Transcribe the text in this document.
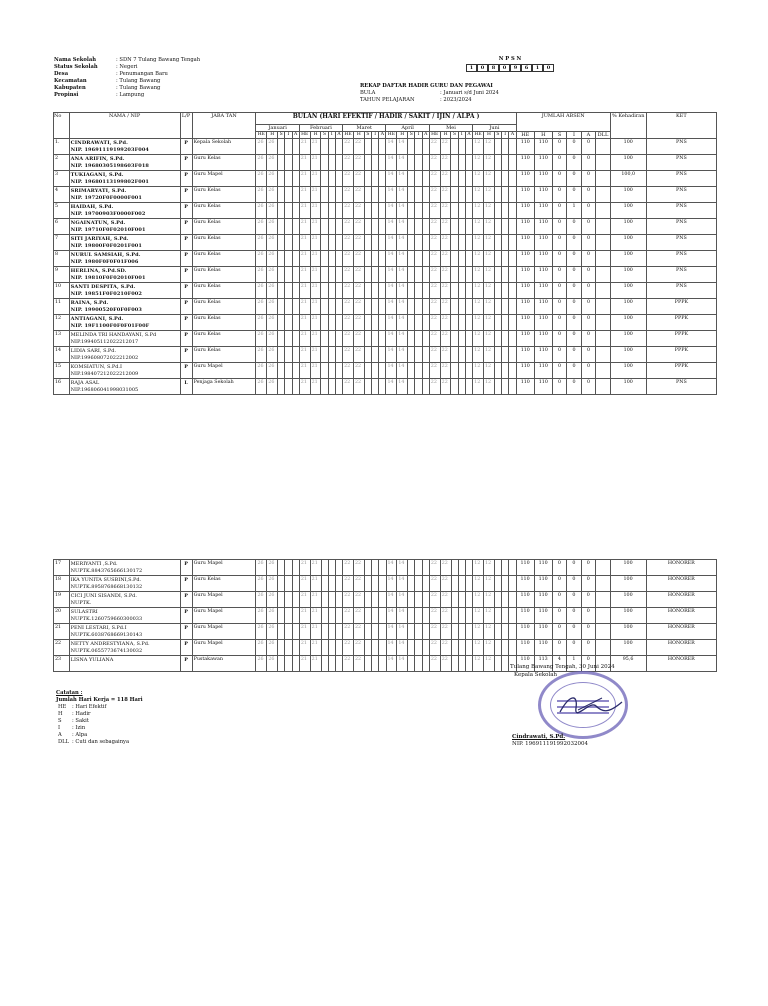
Nama Sekolah	: SDN 7 Tulang Bawang Tengah
Status Sekolah	: Negeri
Desa	: Penumangan Baru
Kecamatan	: Tulang Bawang
Kabupaten	: Tulang Bawang
Propinsi	: Lampung
N P S N
1	0	8	0	9	6	1	0
REKAP DAFTAR HADIR GURU DAN PEGAWAI
BULA	: Januari s/d Juni 2024
TAHUN PELAJARAN	: 2023/2024
No	NAMA / NIP	L/P	JABA TAN	BULAN (HARI EFEKTIF / HADIR / SAKIT / IJIN / ALPA )																														JUMLAH ABSEN						% Kehadiran	KET
				Januari					Februari					Maret					April					Mei					Juni												
				HE	H	S	I	A	HE	H	S	I	A	HE	H	S	I	A	HE	H	S	I	A	HE	H	S	I	A	HE	H	S	I	A	HE	H	S	I	A	DLL		
1.	CINDRAWATI, S.Pd.
NIP. 19691119199203F004	P	Kepala Sekolah	26	26				21	21				22	22				14	14				22	22				12	12				110	110	0	0	0		100	PNS
2	ANA ARIFIN, S.Pd.
NIP. 19680305198603F018	P	Guru Kelas	26	26				21	21				22	22				14	14				22	22				12	12				110	110	0	0	0		100	PNS
3	TUKIAGANI, S.Pd.
NIP. 19680113199802F001	P	Guru Mapel	26	26				21	21				22	22				14	14				22	22				12	12				110	110	0	0	0		100,0	PNS
4	SRIMARYATI, S.Pd.
NIP. 19720F0F0000F001	P	Guru Kelas	26	26				21	21				22	22				14	14				22	22				12	12				110	110	0	0	0		100	PNS
5	HAIDAH, S.Pd.
NIP. 19700903F0000F002	P	Guru Kelas	26	26				21	21				22	22				14	14				22	22				12	12				110	110	0	1	0		100	PNS
6	NGAINATUN, S.Pd.
NIP. 19710F0F02010F001	P	Guru Kelas	26	26				21	21				22	22				14	14				22	22				12	12				110	110	0	0	0		100	PNS
7	SITI JARIYAH, S.Pd.
NIP. 19800F0F0201F001	P	Guru Kelas	26	26				21	21				22	22				14	14				22	22				12	12				110	110	0	0	0		100	PNS
8	NURUL SAMSIAH, S.Pd.
NIP. 1980F0F0F01F006	P	Guru Kelas	26	26				21	21				22	22				14	14				22	22				12	12				110	110	0	0	0		100	PNS
9	HERLINA, S.Pd.SD.
NIP. 19810F0F02010F001	P	Guru Kelas	26	26				21	21				22	22				14	14				22	22				12	12				110	110	0	0	0		100	PNS
10	SANTI DESPITA, S.Pd.
NIP. 19851F0F0210F002	P	Guru Kelas	26	26				21	21				22	22				14	14				22	22				12	12				110	110	0	0	0		100	PNS
11	RAINA, S.Pd.
NIP. 19900520F0F0F003	P	Guru Kelas	26	26				21	21				22	22				14	14				22	22				12	12				110	110	0	0	0		100	PPPK
12	ANTIAGANI, S.Pd.
NIP. 19F1100F0F0F01F00F	P	Guru Kelas	26	26				21	21				22	22				14	14				22	22				12	12				110	110	0	0	0		100	PPPK
13	MELINDA TRI HANDAYANI, S.Pd
NIP.199405112022212017	P	Guru Kelas	26	26				21	21				22	22				14	14				22	22				12	12				110	110	0	0	0		100	PPPK
14	LIDIA SARI, S.Pd.
NIP.199608072022212002	P	Guru Kelas	26	26				21	21				22	22				14	14				22	22				12	12				110	110	0	0	0		100	PPPK
15	KOMSIATUN, S.Pd.I
NIP.198407212022212009	P	Guru Mapel	26	26				21	21				22	22				14	14				22	22				12	12				110	110	0	0	0		100	PPPK
16	RAJA ASAL
NIP.196806041998031005	L	Penjaga Sekolah	26	26				21	21				22	22				14	14				22	22				12	12				110	110	0	0	0		100	PNS
17	MERIYANTI ,S.Pd.
NUPTK.8843765666130172	P	Guru Mapel	26	26				21	21				22	22				14	14				22	22				12	12				110	110	0	0	0		100	HONORER
18	IKA YUNITA SUSBINI,S.Pd.
NUPTK.8958768668130132	P	Guru Kelas	26	26				21	21				22	22				14	14				22	22				12	12				110	110	0	0	0		100	HONORER
19	CICI JUNI SISANDI, S.Pd.
NUPTK.	P	Guru Mapel	26	26				21	21				22	22				14	14				22	22				12	12				110	110	0	0	0		100	HONORER
20	SULASTRI
NUPTK.1260759660300033	P	Guru Mapel	26	26				21	21				22	22				14	14				22	22				12	12				110	110	0	0	0		100	HONORER
21	PENI LESTARI, S.Pd.I
NUPTK.6038768669130143	P	Guru Mapel	26	26				21	21				22	22				14	14				22	22				12	12				110	110	0	0	0		100	HONORER
22	NETTY ANDRESTYIANA, S.Pd.
NUPTK.0655773674130032	P	Guru Mapel	26	26				21	21				22	22				14	14				22	22				12	12				110	110	0	0	0		100	HONORER
23	LISNA YULIANA	P	Pustakawan	26	26				21	21				22	22				14	14				22	22				12	12				110	113	4	1	0		95,6	HONORER
Catatan :
Jumlah Hari Kerja = 118 Hari
HE	: Hari Efektif
H	: Hadir
S	: Sakit
I	: Izin
A	: Alpa
DLL : Cuti dan sebagainya
Tulang Bawang Tengah, 30 Juni 2024
Kepala Sekolah
Cindrawati, S.Pd.
NIP. 196911191992032004
